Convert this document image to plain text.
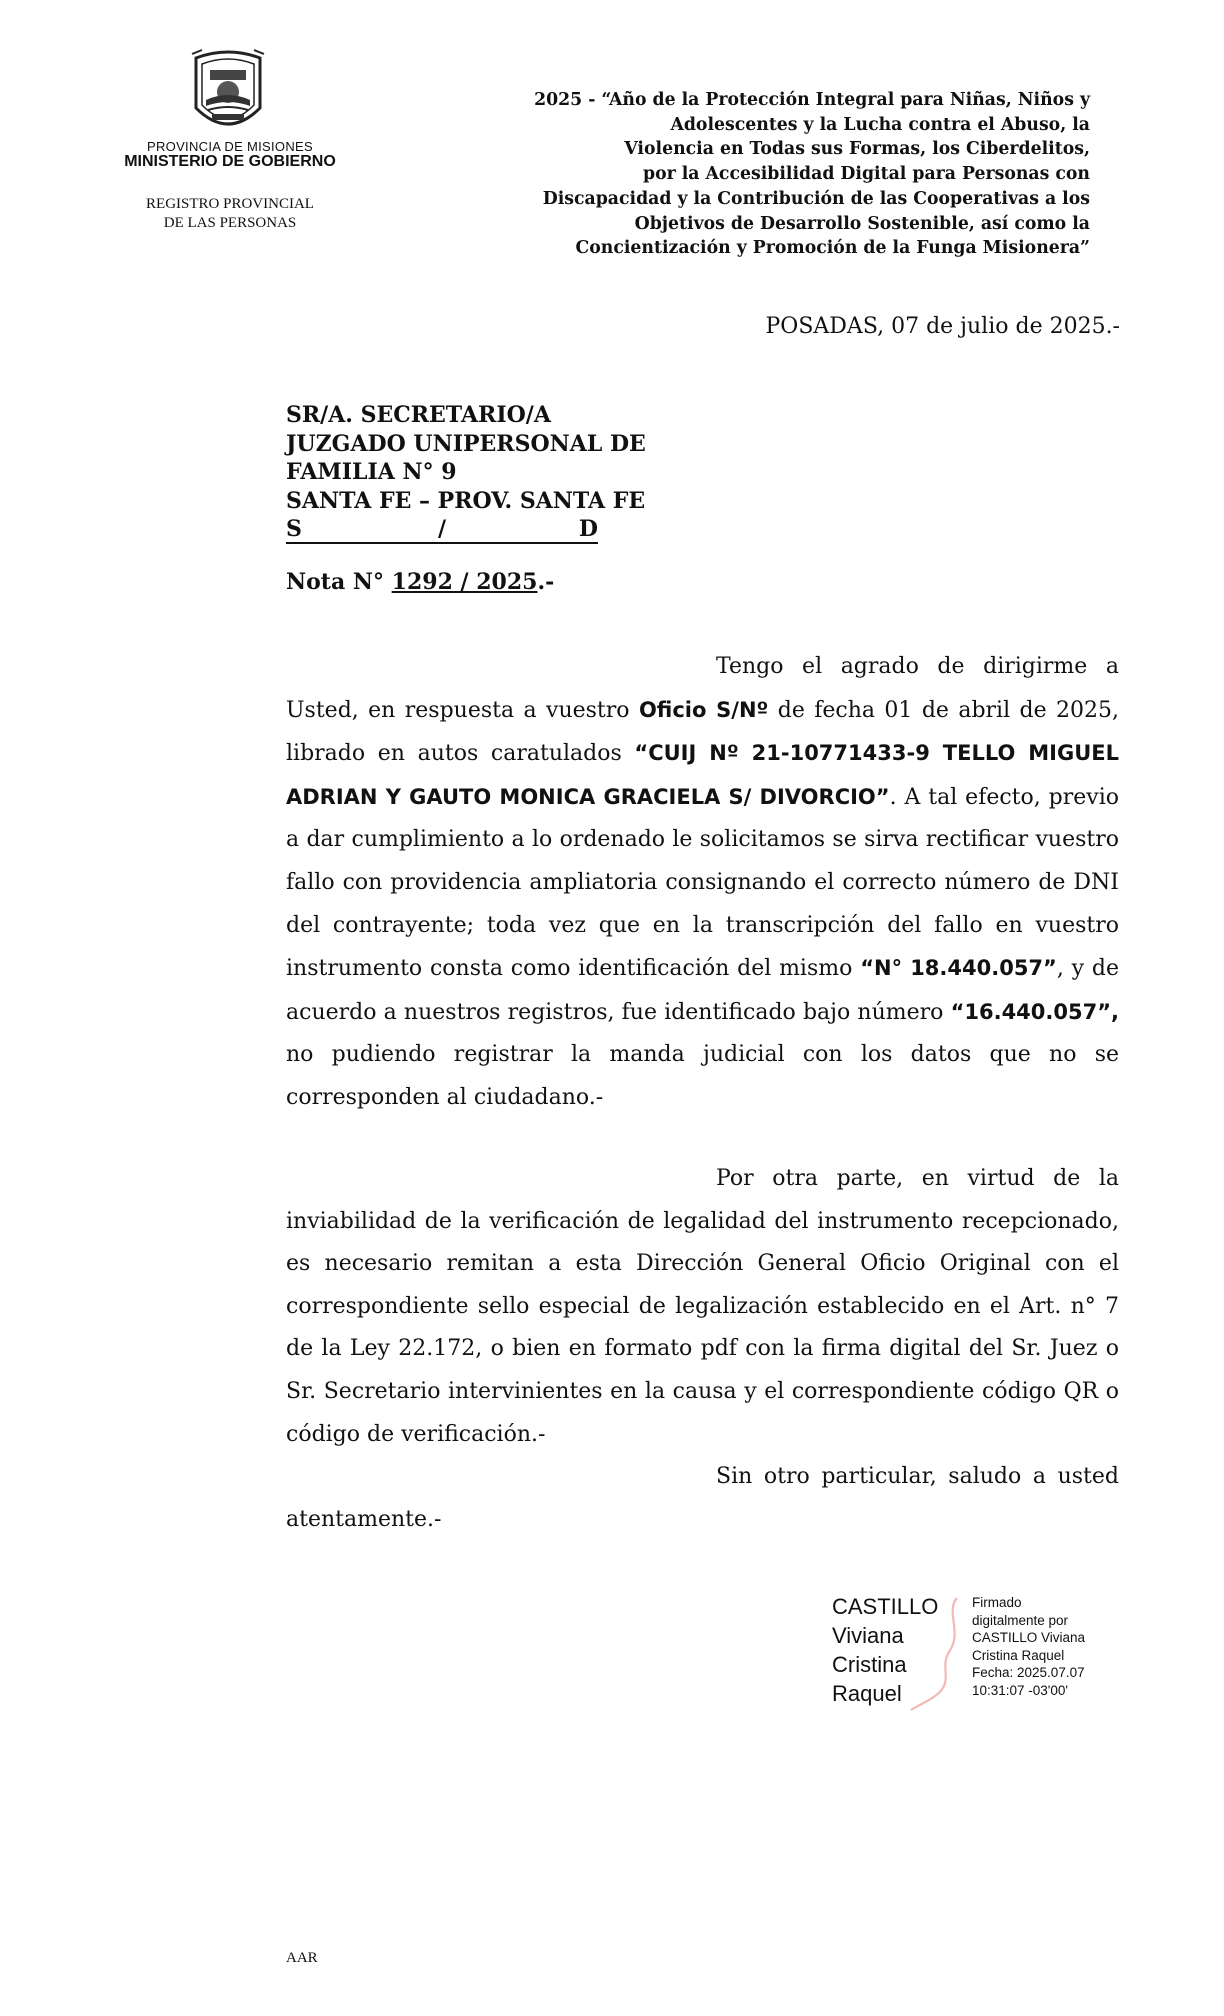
PROVINCIA DE MISIONES
MINISTERIO DE GOBIERNO
REGISTRO PROVINCIAL
DE LAS PERSONAS
2025 - “Año de la Protección Integral para Niñas, Niños y
Adolescentes y la Lucha contra el Abuso, la
Violencia en Todas sus Formas, los Ciberdelitos,
por la Accesibilidad Digital para Personas con
Discapacidad y la Contribución de las Cooperativas a los
Objetivos de Desarrollo Sostenible, así como la
Concientización y Promoción de la Funga Misionera”
POSADAS, 07 de julio de 2025.-
SR/A. SECRETARIO/A
JUZGADO UNIPERSONAL DE
FAMILIA N° 9
SANTA FE – PROV. SANTA FE
S	/	D
Nota N° 1292 / 2025.-

Tengo el agrado de dirigirme a Usted, en respuesta a vuestro Oficio S/Nº de fecha 01 de abril de 2025, librado en autos caratulados “CUIJ Nº 21-10771433-9 TELLO MIGUEL ADRIAN Y GAUTO MONICA GRACIELA S/ DIVORCIO”. A tal efecto, previo a dar cumplimiento a lo ordenado le solicitamos se sirva rectificar vuestro fallo con providencia ampliatoria consignando el correcto número de DNI del contrayente; toda vez que en la transcripción del fallo en vuestro instrumento consta como identificación del mismo “N° 18.440.057”, y de acuerdo a nuestros registros, fue identificado bajo número “16.440.057”, no pudiendo registrar la manda judicial con los datos que no se corresponden al ciudadano.-

Por otra parte, en virtud de la inviabilidad de la verificación de legalidad del instrumento recepcionado, es necesario remitan a esta Dirección General Oficio Original con el correspondiente sello especial de legalización establecido en el Art. n° 7 de la Ley 22.172, o bien en formato pdf con la firma digital del Sr. Juez o Sr. Secretario intervinientes en la causa y el correspondiente código QR o código de verificación.-

Sin otro particular, saludo a usted atentamente.-

CASTILLO
Viviana
Cristina
Raquel
Firmado
digitalmente por
CASTILLO Viviana
Cristina Raquel
Fecha: 2025.07.07
10:31:07 -03'00'
AAR
